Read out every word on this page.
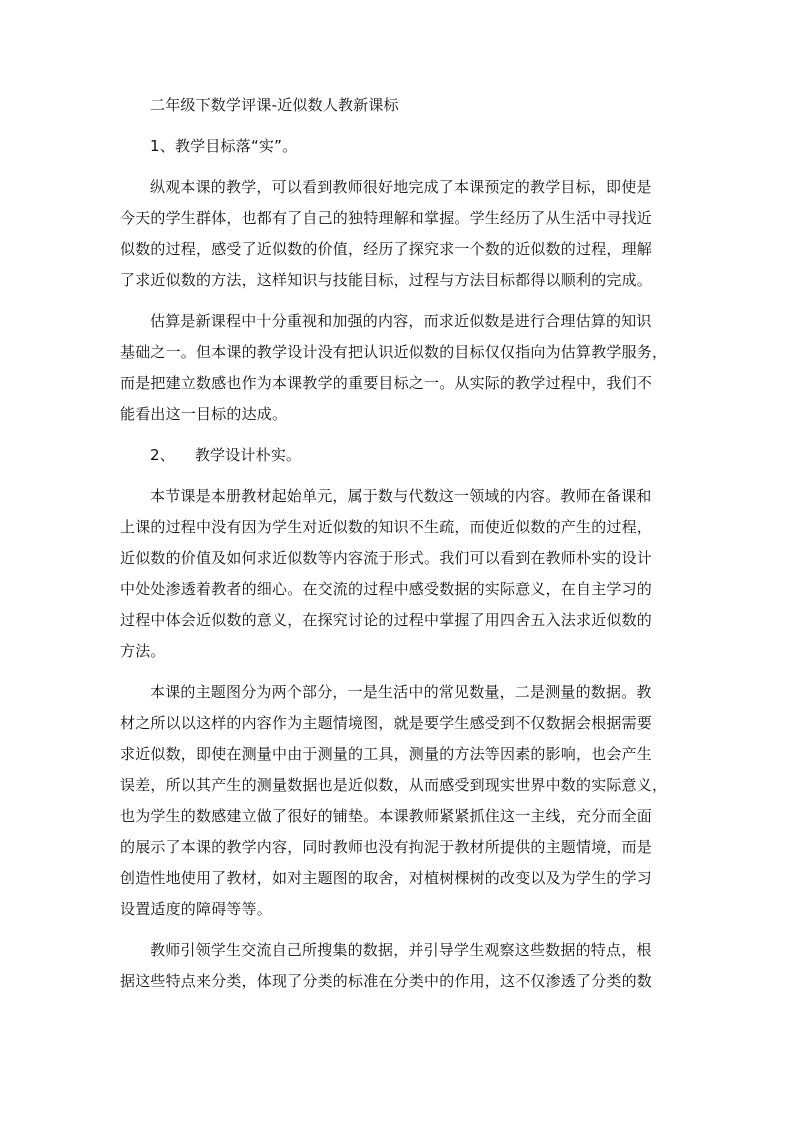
二年级下数学评课-近似数人教新课标
1、教学目标落“实”。
纵观本课的教学，可以看到教师很好地完成了本课预定的教学目标，即使是
今天的学生群体，也都有了自己的独特理解和掌握。学生经历了从生活中寻找近
似数的过程，感受了近似数的价值，经历了探究求一个数的近似数的过程，理解
了求近似数的方法，这样知识与技能目标，过程与方法目标都得以顺利的完成。
估算是新课程中十分重视和加强的内容，而求近似数是进行合理估算的知识
基础之一。但本课的教学设计没有把认识近似数的目标仅仅指向为估算教学服务，
而是把建立数感也作为本课教学的重要目标之一。从实际的教学过程中，我们不
能看出这一目标的达成。
2、    教学设计朴实。
本节课是本册教材起始单元，属于数与代数这一领域的内容。教师在备课和
上课的过程中没有因为学生对近似数的知识不生疏，而使近似数的产生的过程，
近似数的价值及如何求近似数等内容流于形式。我们可以看到在教师朴实的设计
中处处渗透着教者的细心。在交流的过程中感受数据的实际意义，在自主学习的
过程中体会近似数的意义，在探究讨论的过程中掌握了用四舍五入法求近似数的
方法。
本课的主题图分为两个部分，一是生活中的常见数量，二是测量的数据。教
材之所以以这样的内容作为主题情境图，就是要学生感受到不仅数据会根据需要
求近似数，即使在测量中由于测量的工具，测量的方法等因素的影响，也会产生
误差，所以其产生的测量数据也是近似数，从而感受到现实世界中数的实际意义，
也为学生的数感建立做了很好的铺垫。本课教师紧紧抓住这一主线，充分而全面
的展示了本课的教学内容，同时教师也没有拘泥于教材所提供的主题情境，而是
创造性地使用了教材，如对主题图的取舍，对植树棵树的改变以及为学生的学习
设置适度的障碍等等。
教师引领学生交流自己所搜集的数据，并引导学生观察这些数据的特点，根
据这些特点来分类，体现了分类的标准在分类中的作用，这不仅渗透了分类的数
